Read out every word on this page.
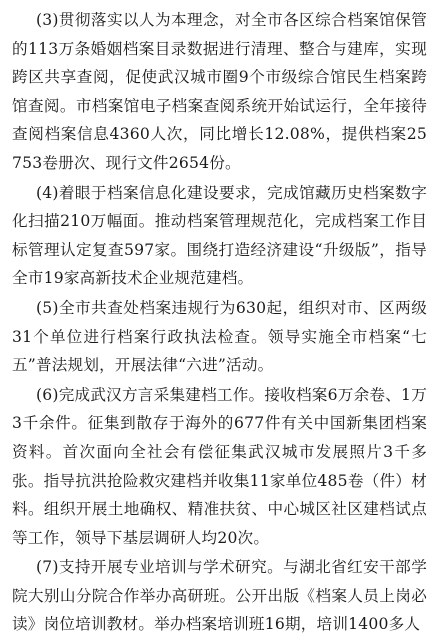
(3)贯彻落实以人为本理念，对全市各区综合档案馆保管的113万条婚姻档案目录数据进行清理、整合与建库，实现跨区共享查阅，促使武汉城市圈9个市级综合馆民生档案跨馆查阅。市档案馆电子档案查阅系统开始试运行，全年接待查阅档案信息4360人次，同比增长12.08%，提供档案25753卷册次、现行文件2654份。

(4)着眼于档案信息化建设要求，完成馆藏历史档案数字化扫描210万幅面。推动档案管理规范化，完成档案工作目标管理认定复查597家。围绕打造经济建设“升级版”，指导全市19家高新技术企业规范建档。

(5)全市共查处档案违规行为630起，组织对市、区两级31个单位进行档案行政执法检查。领导实施全市档案“七五”普法规划，开展法律“六进”活动。

(6)完成武汉方言采集建档工作。接收档案6万余卷、1万3千余件。征集到散存于海外的677件有关中国新集团档案资料。首次面向全社会有偿征集武汉城市发展照片3千多张。指导抗洪抢险救灾建档并收集11家单位485卷（件）材料。组织开展土地确权、精准扶贫、中心城区社区建档试点等工作，领导下基层调研人均20次。

(7)支持开展专业培训与学术研究。与湖北省红安干部学院大别山分院合作举办高研班。公开出版《档案人员上岗必读》岗位培训教材。举办档案培训班16期，培训1400多人
